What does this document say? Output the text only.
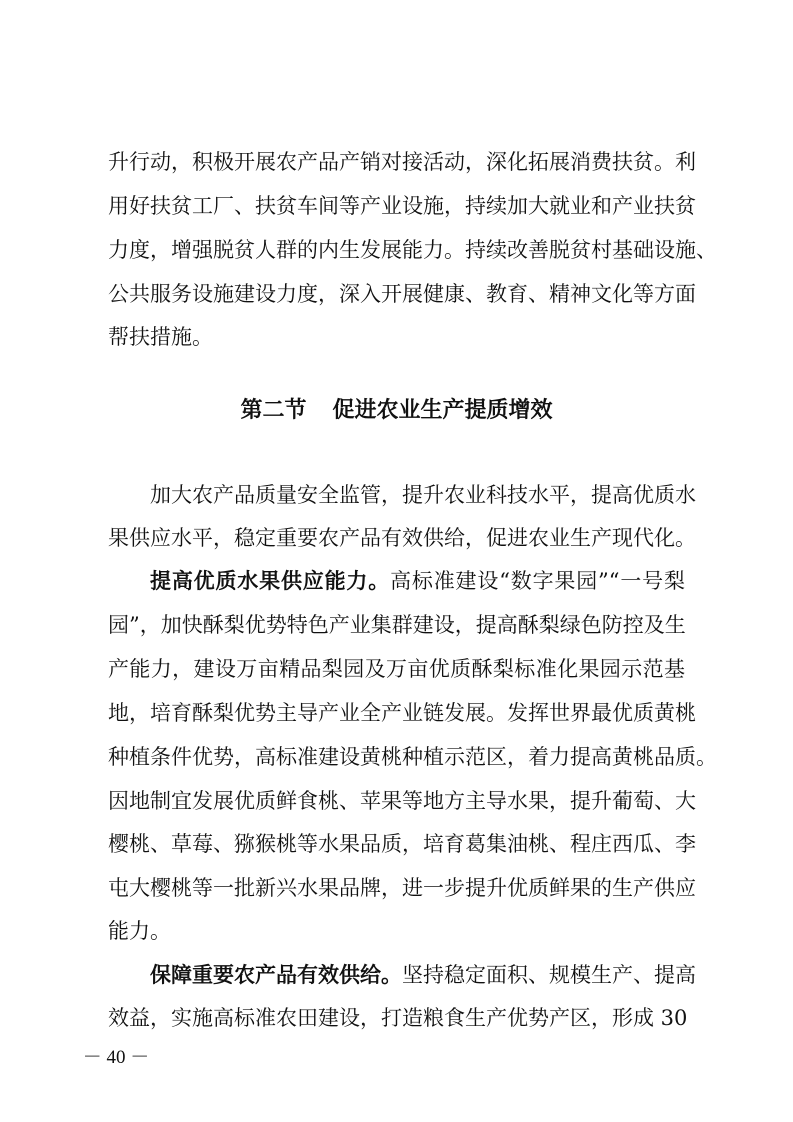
升行动，积极开展农产品产销对接活动，深化拓展消费扶贫。利
用好扶贫工厂、扶贫车间等产业设施，持续加大就业和产业扶贫
力度，增强脱贫人群的内生发展能力。持续改善脱贫村基础设施、
公共服务设施建设力度，深入开展健康、教育、精神文化等方面
帮扶措施。
第二节 促进农业生产提质增效
加大农产品质量安全监管，提升农业科技水平，提高优质水
果供应水平，稳定重要农产品有效供给，促进农业生产现代化。
提高优质水果供应能力。高标准建设“数字果园”“一号梨
园”，加快酥梨优势特色产业集群建设，提高酥梨绿色防控及生
产能力，建设万亩精品梨园及万亩优质酥梨标准化果园示范基
地，培育酥梨优势主导产业全产业链发展。发挥世界最优质黄桃
种植条件优势，高标准建设黄桃种植示范区，着力提高黄桃品质。
因地制宜发展优质鲜食桃、苹果等地方主导水果，提升葡萄、大
樱桃、草莓、猕猴桃等水果品质，培育葛集油桃、程庄西瓜、李
屯大樱桃等一批新兴水果品牌，进一步提升优质鲜果的生产供应
能力。
保障重要农产品有效供给。坚持稳定面积、规模生产、提高
效益，实施高标准农田建设，打造粮食生产优势产区，形成 30
－ 40 －
